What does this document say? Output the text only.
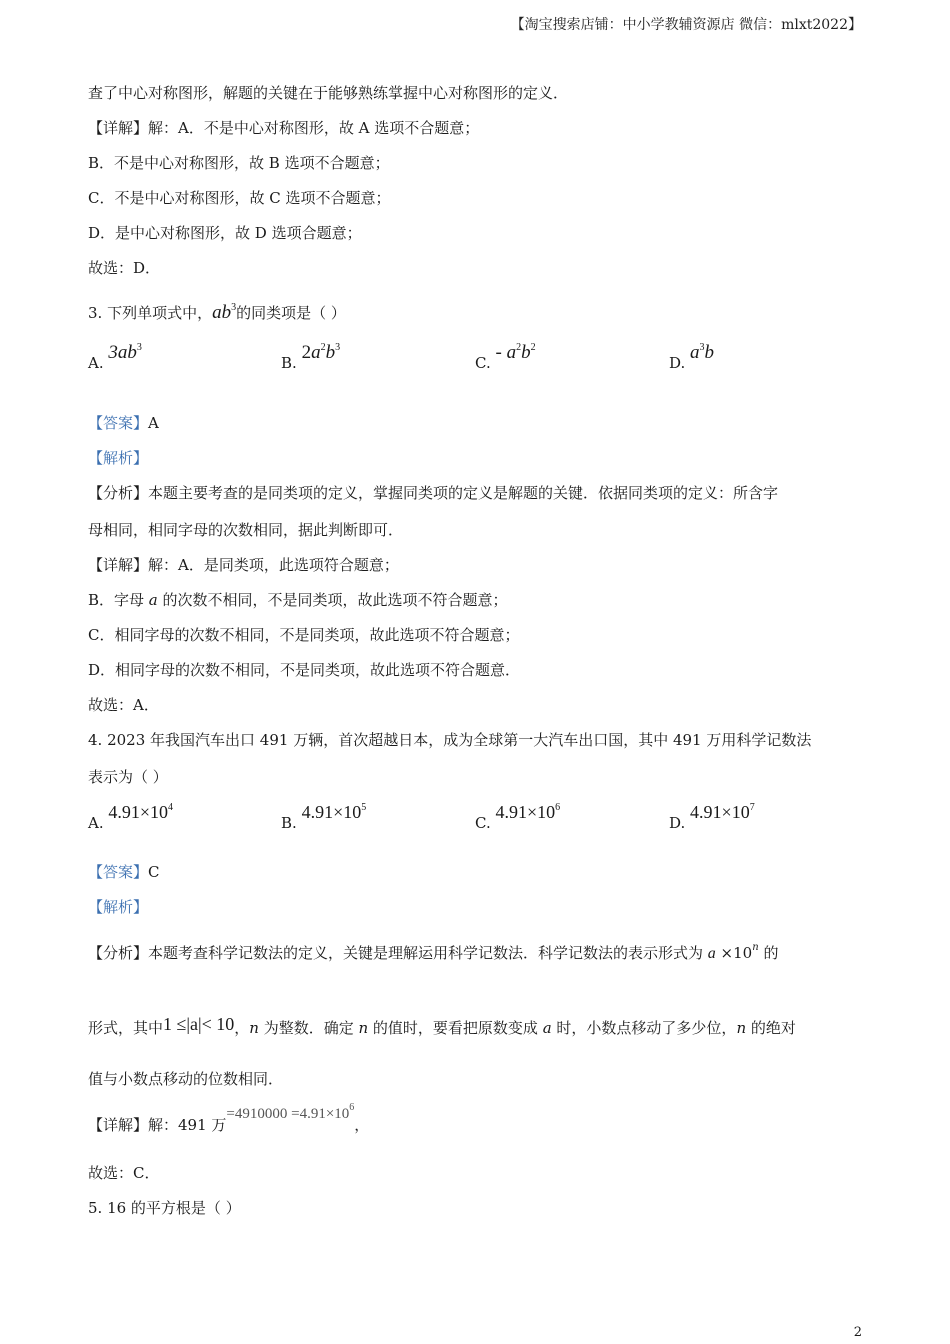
【淘宝搜索店铺：中小学教辅资源店 微信：mlxt2022】
查了中心对称图形，解题的关键在于能够熟练掌握中心对称图形的定义．
【详解】解：A．不是中心对称图形，故 A 选项不合题意；
B．不是中心对称图形，故 B 选项不合题意；
C．不是中心对称图形，故 C 选项不合题意；
D．是中心对称图形，故 D 选项合题意；
故选：D．
3. 下列单项式中，$ab^3$的同类项是（ ）
A. $3ab^3$
B. $2a^2b^3$
C. - $a^2b^2$
D. $a^3b$
【答案】A
【解析】
【分析】本题主要考查的是同类项的定义，掌握同类项的定义是解题的关键．依据同类项的定义：所含字
母相同，相同字母的次数相同，据此判断即可．
【详解】解：A．是同类项，此选项符合题意；
B．字母 a 的次数不相同，不是同类项，故此选项不符合题意；
C．相同字母的次数不相同，不是同类项，故此选项不符合题意；
D．相同字母的次数不相同，不是同类项，故此选项不符合题意．
故选：A．
4. 2023 年我国汽车出口 491 万辆，首次超越日本，成为全球第一大汽车出口国，其中 491 万用科学记数法
表示为（ ）
A. $4.91\times 10^4$
B. $4.91\times 10^5$
C. $4.91\times 10^6$
D. $4.91\times 10^7$
【答案】C
【解析】
【分析】本题考查科学记数法的定义，关键是理解运用科学记数法．科学记数法的表示形式为 $a \times 10^n$ 的
形式，其中1 ≤|a|< 10，n 为整数．确定 n 的值时，要看把原数变成 a 时，小数点移动了多少位，n 的绝对
值与小数点移动的位数相同．
【详解】解：491 万$=4910000 =4.91\times 10^6$，
故选：C．
5. 16 的平方根是（ ）
2
